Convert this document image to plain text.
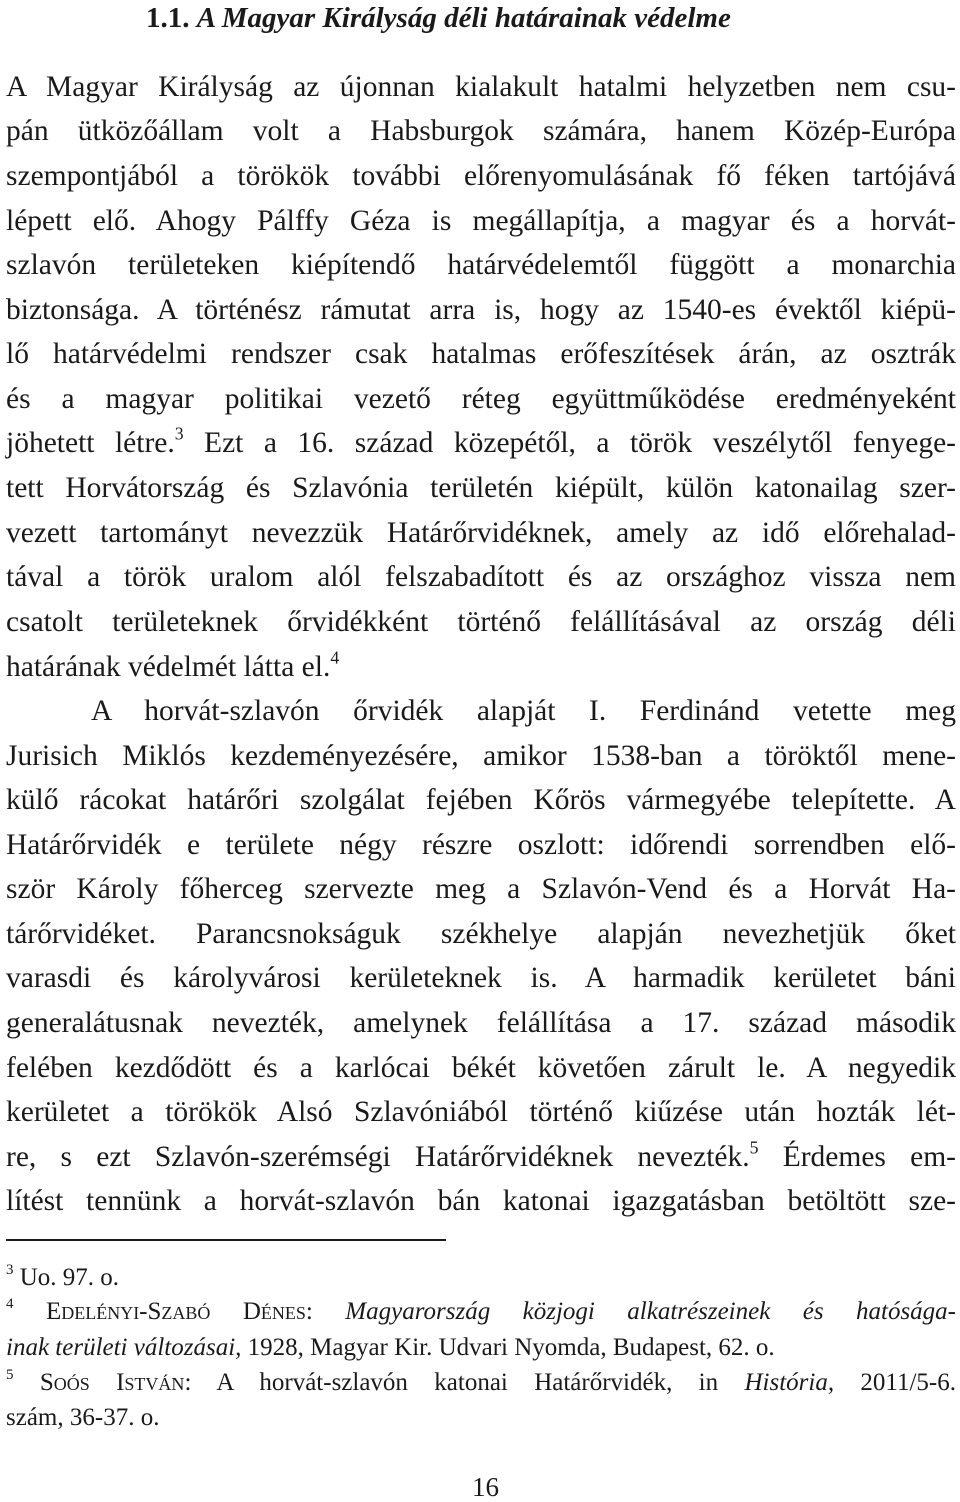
1.1. A Magyar Királyság déli határainak védelme
A Magyar Királyság az újonnan kialakult hatalmi helyzetben nem csu-
pán ütközőállam volt a Habsburgok számára, hanem Közép-Európa
szempontjából a törökök további előrenyomulásának fő féken tartójává
lépett elő. Ahogy Pálffy Géza is megállapítja, a magyar és a horvát-
szlavón területeken kiépítendő határvédelemtől függött a monarchia
biztonsága. A történész rámutat arra is, hogy az 1540-es évektől kiépü-
lő határvédelmi rendszer csak hatalmas erőfeszítések árán, az osztrák
és a magyar politikai vezető réteg együttműködése eredményeként
jöhetett létre.$^3$ Ezt a 16. század közepétől, a török veszélytől fenyege-
tett Horvátország és Szlavónia területén kiépült, külön katonailag szer-
vezett tartományt nevezzük Határőrvidéknek, amely az idő előrehalad-
tával a török uralom alól felszabadított és az országhoz vissza nem
csatolt területeknek őrvidékként történő felállításával az ország déli
határának védelmét látta el.$^4$
A horvát-szlavón őrvidék alapját I. Ferdinánd vetette meg
Jurisich Miklós kezdeményezésére, amikor 1538-ban a töröktől mene-
külő rácokat határőri szolgálat fejében Kőrös vármegyébe telepítette. A
Határőrvidék e területe négy részre oszlott: időrendi sorrendben elő-
ször Károly főherceg szervezte meg a Szlavón-Vend és a Horvát Ha-
tárőrvidéket. Parancsnokságuk székhelye alapján nevezhetjük őket
varasdi és károlyvárosi kerületeknek is. A harmadik kerületet báni
generalátusnak nevezték, amelynek felállítása a 17. század második
felében kezdődött és a karlócai békét követően zárult le. A negyedik
kerületet a törökök Alsó Szlavóniából történő kiűzése után hozták lét-
re, s ezt Szlavón-szerémségi Határőrvidéknek nevezték.$^5$ Érdemes em-
lítést tennünk a horvát-szlavón bán katonai igazgatásban betöltött sze-
$^3$ Uo. 97. o.
$^4$ Edelényi-Szabó Dénes: Magyarország közjogi alkatrészeinek és hatóságа-
inak területi változásai, 1928, Magyar Kir. Udvari Nyomda, Budapest, 62. o.
$^5$ Soós István: A horvát-szlavón katonai Határőrvidék, in História, 2011/5-6.
szám, 36-37. o.
16
